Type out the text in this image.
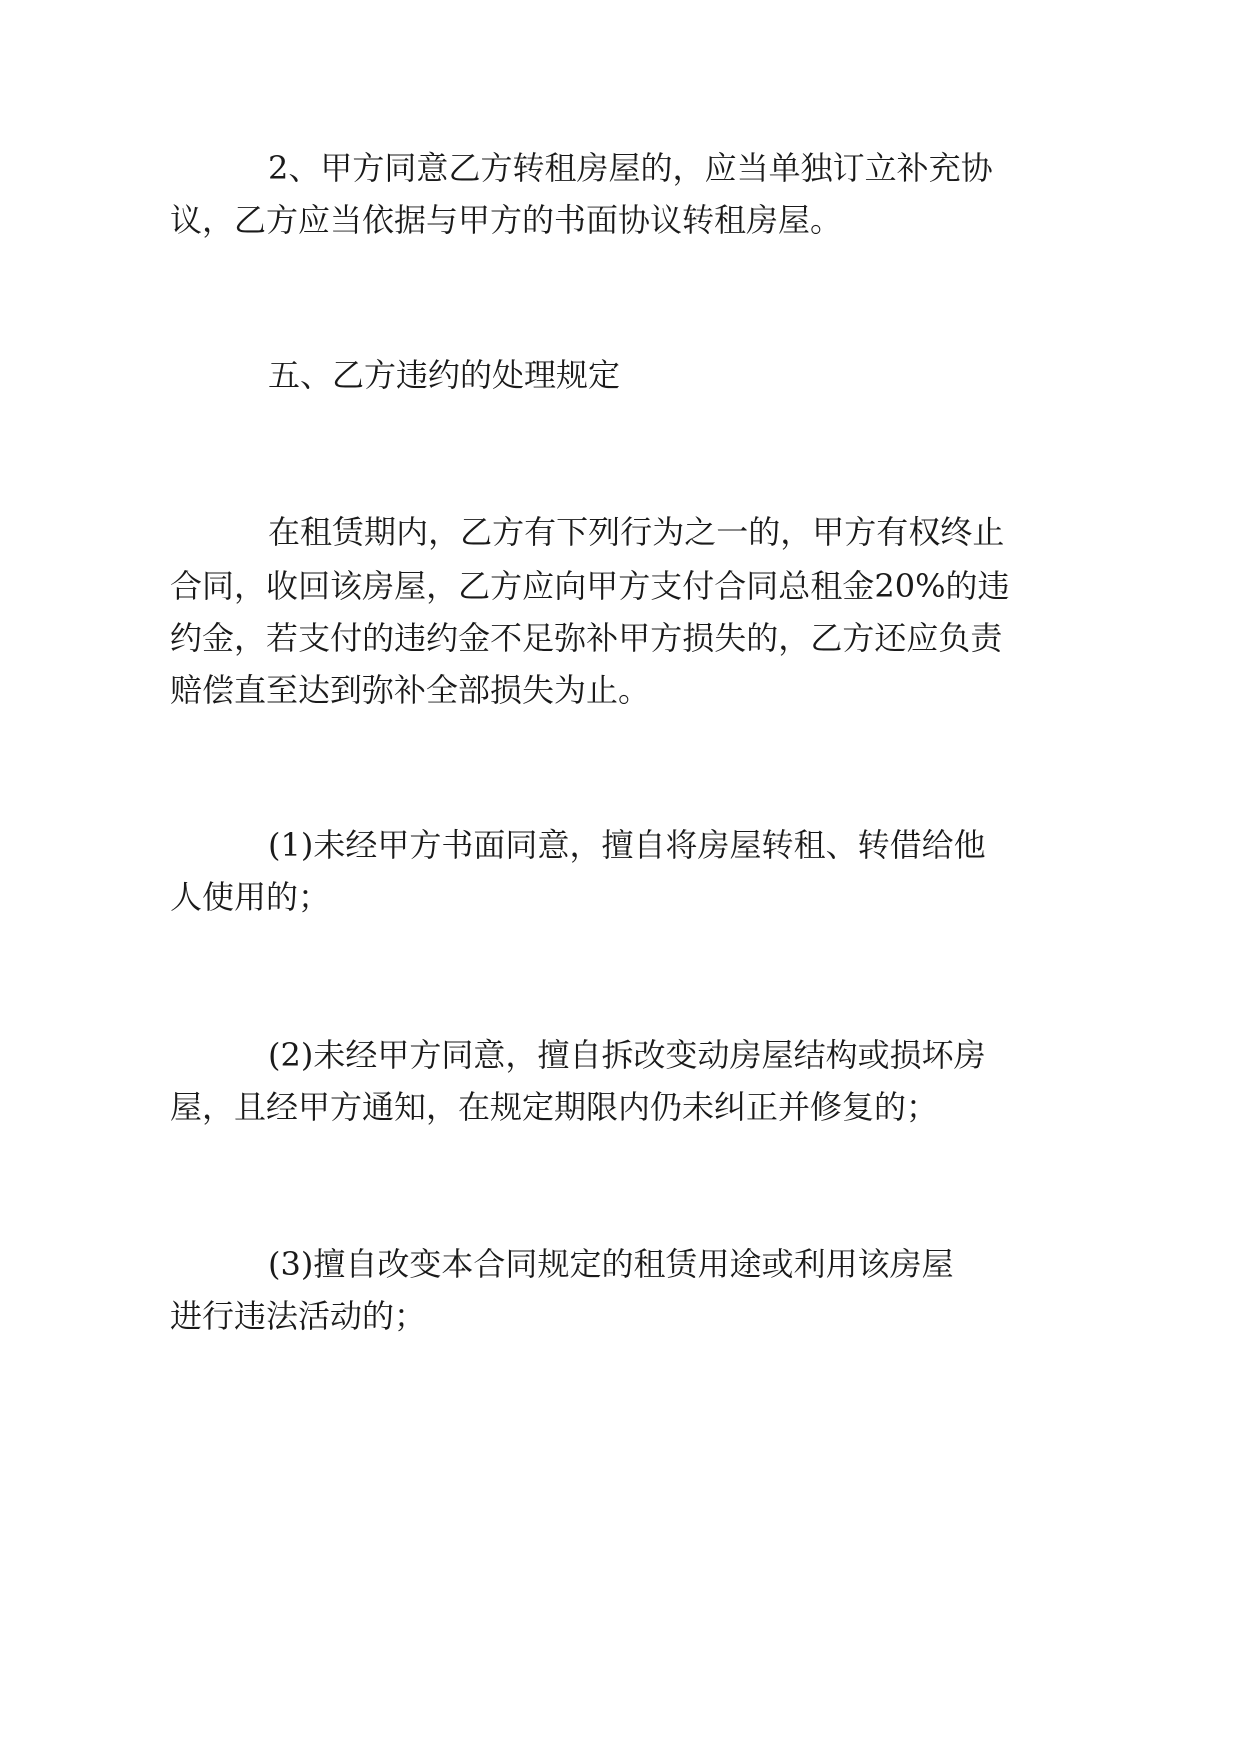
2 、 甲 方 同 意 乙 方 转 租 房 屋 的 ， 应 当 单 独 订 立 补 充 协
议，乙方应当依据与甲方的书面协议转租房屋。
五、乙方违约的处理规定
在 租 赁 期 内 ， 乙 方 有 下 列 行 为 之 一 的 ， 甲 方 有 权 终 止
合 同 ， 收 回 该 房 屋 ， 乙 方 应 向 甲 方 支 付 合 同 总 租 金 2 0 % 的 违
约 金 ， 若 支 付 的 违 约 金 不 足 弥 补 甲 方 损 失 的 ， 乙 方 还 应 负 责
赔偿直至达到弥补全部损失为止。
( 1 ) 未 经 甲 方 书 面 同 意 ， 擅 自 将 房 屋 转 租 、 转 借 给 他
人使用的；
( 2 ) 未 经 甲 方 同 意 ， 擅 自 拆 改 变 动 房 屋 结 构 或 损 坏 房
屋，且经甲方通知，在规定期限内仍未纠正并修复的；
( 3 ) 擅 自 改 变 本 合 同 规 定 的 租 赁 用 途 或 利 用 该 房 屋
进行违法活动的；
